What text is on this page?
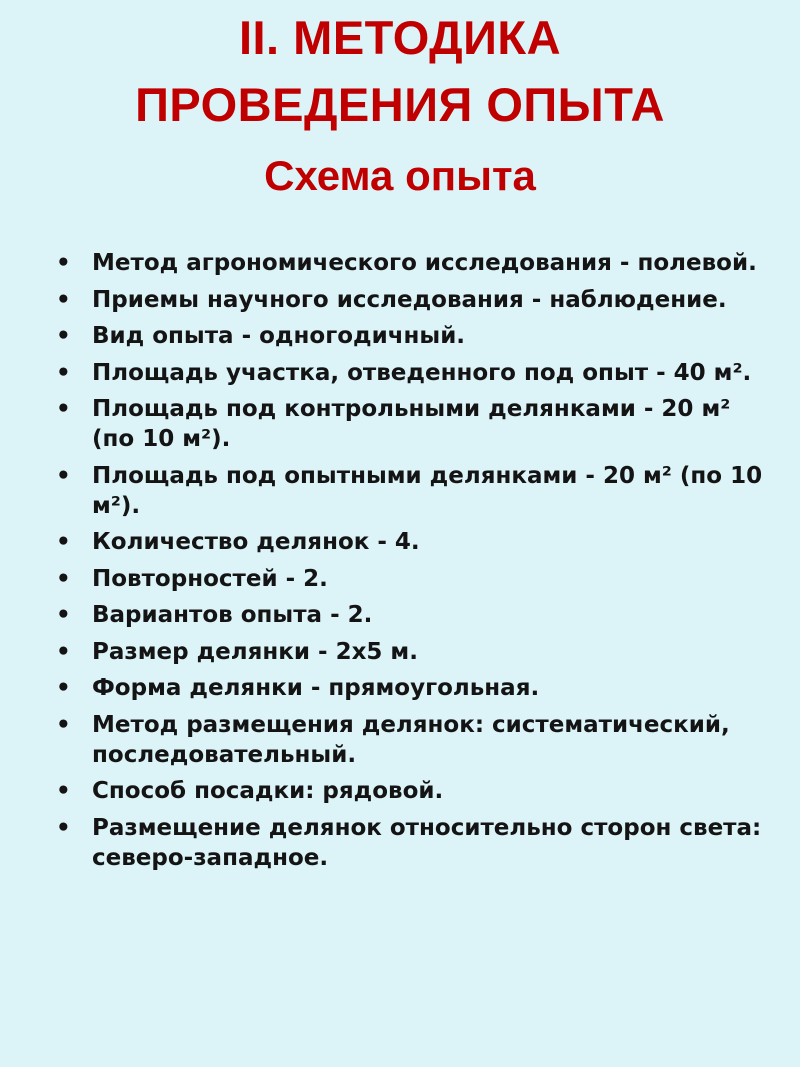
II. МЕТОДИКА
ПРОВЕДЕНИЯ ОПЫТА
Схема опыта
• Метод агрономического исследования - полевой.
• Приемы научного исследования - наблюдение.
• Вид опыта - одногодичный.
• Площадь участка, отведенного под опыт - 40 м².
• Площадь под контрольными делянками - 20 м² (по 10 м²).
• Площадь под опытными делянками - 20 м² (по 10 м²).
• Количество делянок - 4.
• Повторностей - 2.
• Вариантов опыта - 2.
• Размер делянки - 2х5 м.
• Форма делянки - прямоугольная.
• Метод размещения делянок: систематический, последовательный.
• Способ посадки: рядовой.
• Размещение делянок относительно сторон света: северо-западное.
